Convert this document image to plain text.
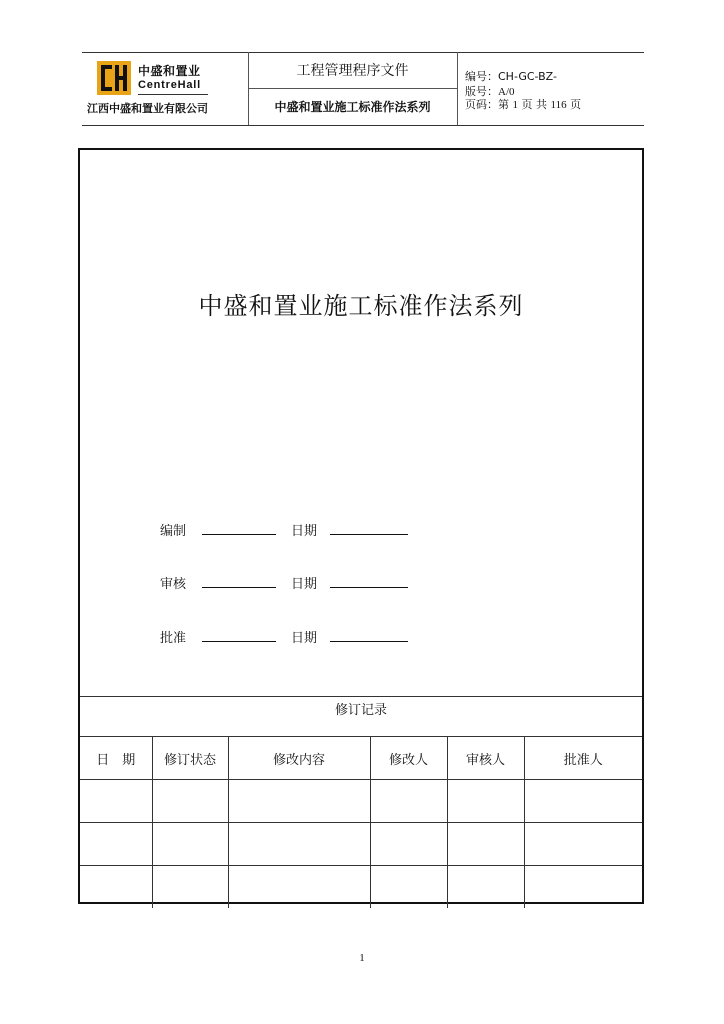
中盛和置业
CentreHall
江西中盛和置业有限公司
工程管理程序文件
中盛和置业施工标准作法系列
编号：CH-GC-BZ-
版号：A/0
页码：第 1 页 共 116 页
中盛和置业施工标准作法系列
编制	日期
审核	日期
批准	日期
修订记录
日　期	修订状态	修改内容	修改人	审核人	批准人

1
